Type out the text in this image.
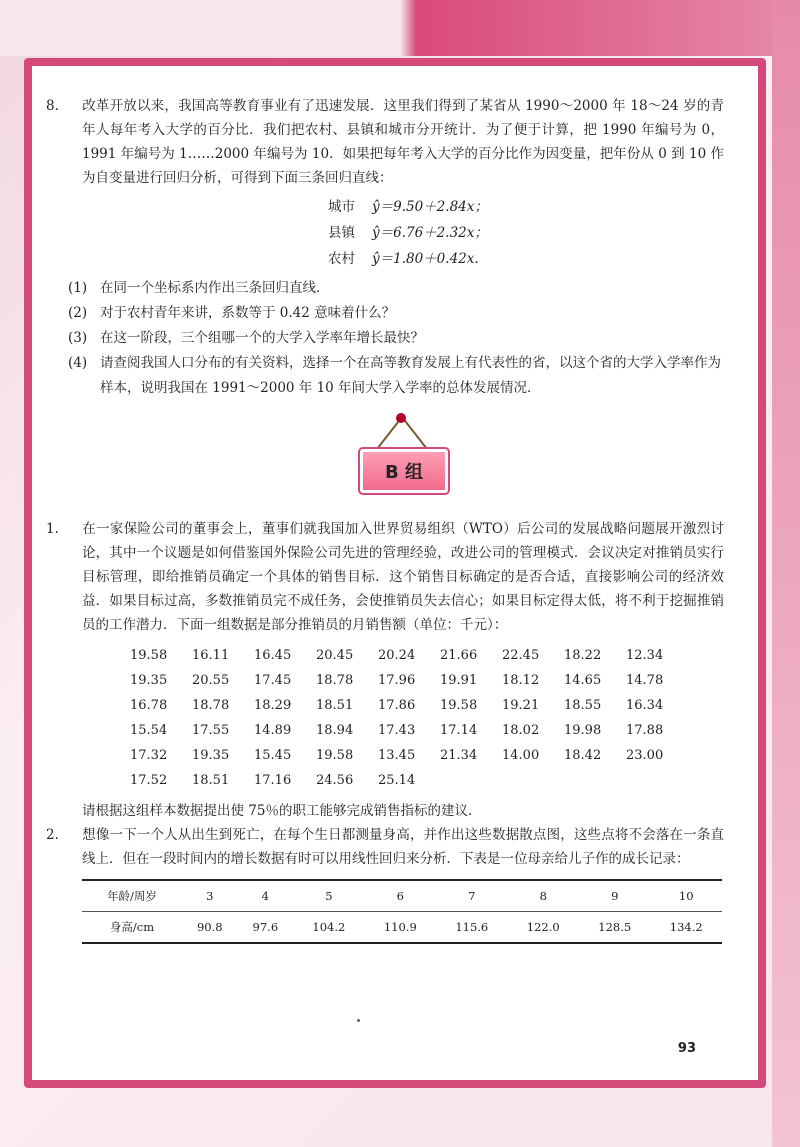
8. 改革开放以来，我国高等教育事业有了迅速发展．这里我们得到了某省从 1990～2000 年 18～24 岁的青年人每年考入大学的百分比．我们把农村、县镇和城市分开统计．为了便于计算，把 1990 年编号为 0，1991 年编号为 1……2000 年编号为 10．如果把每年考入大学的百分比作为因变量，把年份从 0 到 10 作为自变量进行回归分析，可得到下面三条回归直线：

城市	ŷ＝9.50＋2.84x；
县镇	ŷ＝6.76＋2.32x；
农村	ŷ＝1.80＋0.42x.

(1) 在同一个坐标系内作出三条回归直线．

(2) 对于农村青年来讲，系数等于 0.42 意味着什么？

(3) 在这一阶段，三个组哪一个的大学入学率年增长最快？

(4) 请查阅我国人口分布的有关资料，选择一个在高等教育发展上有代表性的省，以这个省的大学入学率作为样本，说明我国在 1991～2000 年 10 年间大学入学率的总体发展情况．

B 组

1. 在一家保险公司的董事会上，董事们就我国加入世界贸易组织（WTO）后公司的发展战略问题展开激烈讨论，其中一个议题是如何借鉴国外保险公司先进的管理经验，改进公司的管理模式．会议决定对推销员实行目标管理，即给推销员确定一个具体的销售目标．这个销售目标确定的是否合适，直接影响公司的经济效益．如果目标过高，多数推销员完不成任务，会使推销员失去信心；如果目标定得太低，将不利于挖掘推销员的工作潜力．下面一组数据是部分推销员的月销售额（单位：千元）：

19.58	16.11	16.45	20.45	20.24	21.66	22.45	18.22	12.34
19.35	20.55	17.45	18.78	17.96	19.91	18.12	14.65	14.78
16.78	18.78	18.29	18.51	17.86	19.58	19.21	18.55	16.34
15.54	17.55	14.89	18.94	17.43	17.14	18.02	19.98	17.88
17.32	19.35	15.45	19.58	13.45	21.34	14.00	18.42	23.00
17.52	18.51	17.16	24.56	25.14

请根据这组样本数据提出使 75％的职工能够完成销售指标的建议．

2. 想像一下一个人从出生到死亡，在每个生日都测量身高，并作出这些数据散点图，这些点将不会落在一条直线上．但在一段时间内的增长数据有时可以用线性回归来分析．下表是一位母亲给儿子作的成长记录：

年龄/周岁	3	4	5	6	7	8	9	10
身高/cm	90.8	97.6	104.2	110.9	115.6	122.0	128.5	134.2
93
